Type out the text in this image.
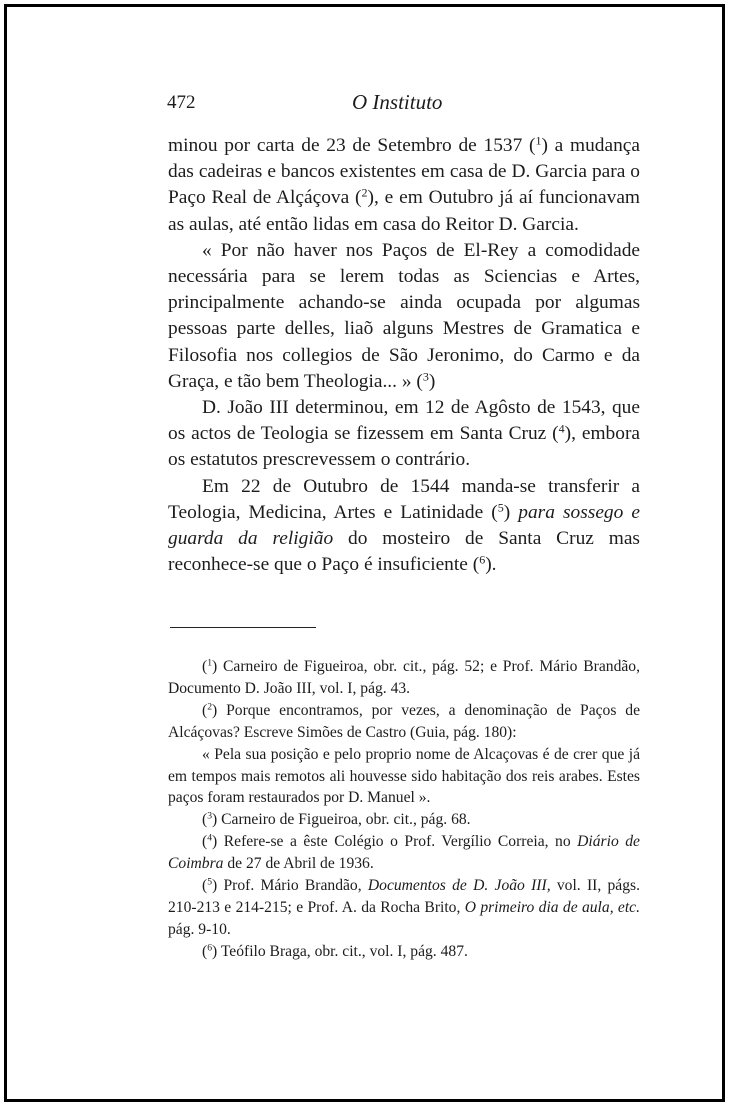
472	O Instituto

minou por carta de 23 de Setembro de 1537 ($^1$) a mudança das cadeiras e bancos existentes em casa de D. Garcia para o Paço Real de Alçáçova ($^2$), e em Outubro já aí funcionavam as aulas, até então lidas em casa do Reitor D. Garcia.

« Por não haver nos Paços de El-Rey a comodidade necessária para se lerem todas as Sciencias e Artes, principalmente achando-se ainda ocupada por algumas pessoas parte delles, liaõ alguns Mestres de Gramatica e Filosofia nos collegios de São Jeronimo, do Carmo e da Graça, e tão bem Theologia... » ($^3$)

D. João III determinou, em 12 de Agôsto de 1543, que os actos de Teologia se fizessem em Santa Cruz ($^4$), embora os estatutos prescrevessem o contrário.

Em 22 de Outubro de 1544 manda-se transferir a Teologia, Medicina, Artes e Latinidade ($^5$) para sossego e guarda da religião do mosteiro de Santa Cruz mas reconhece-se que o Paço é insuficiente ($^6$).

($^1$) Carneiro de Figueiroa, obr. cit., pág. 52; e Prof. Mário Brandão, Documento D. João III, vol. I, pág. 43.

($^2$) Porque encontramos, por vezes, a denominação de Paços de Alcáçovas? Escreve Simões de Castro (Guia, pág. 180):

« Pela sua posição e pelo proprio nome de Alcaçovas é de crer que já em tempos mais remotos ali houvesse sido habitação dos reis arabes. Estes paços foram restaurados por D. Manuel ».

($^3$) Carneiro de Figueiroa, obr. cit., pág. 68.

($^4$) Refere-se a êste Colégio o Prof. Vergílio Correia, no Diário de Coimbra de 27 de Abril de 1936.

($^5$) Prof. Mário Brandão, Documentos de D. João III, vol. II, págs. 210-213 e 214-215; e Prof. A. da Rocha Brito, O primeiro dia de aula, etc. pág. 9-10.

($^6$) Teófilo Braga, obr. cit., vol. I, pág. 487.
